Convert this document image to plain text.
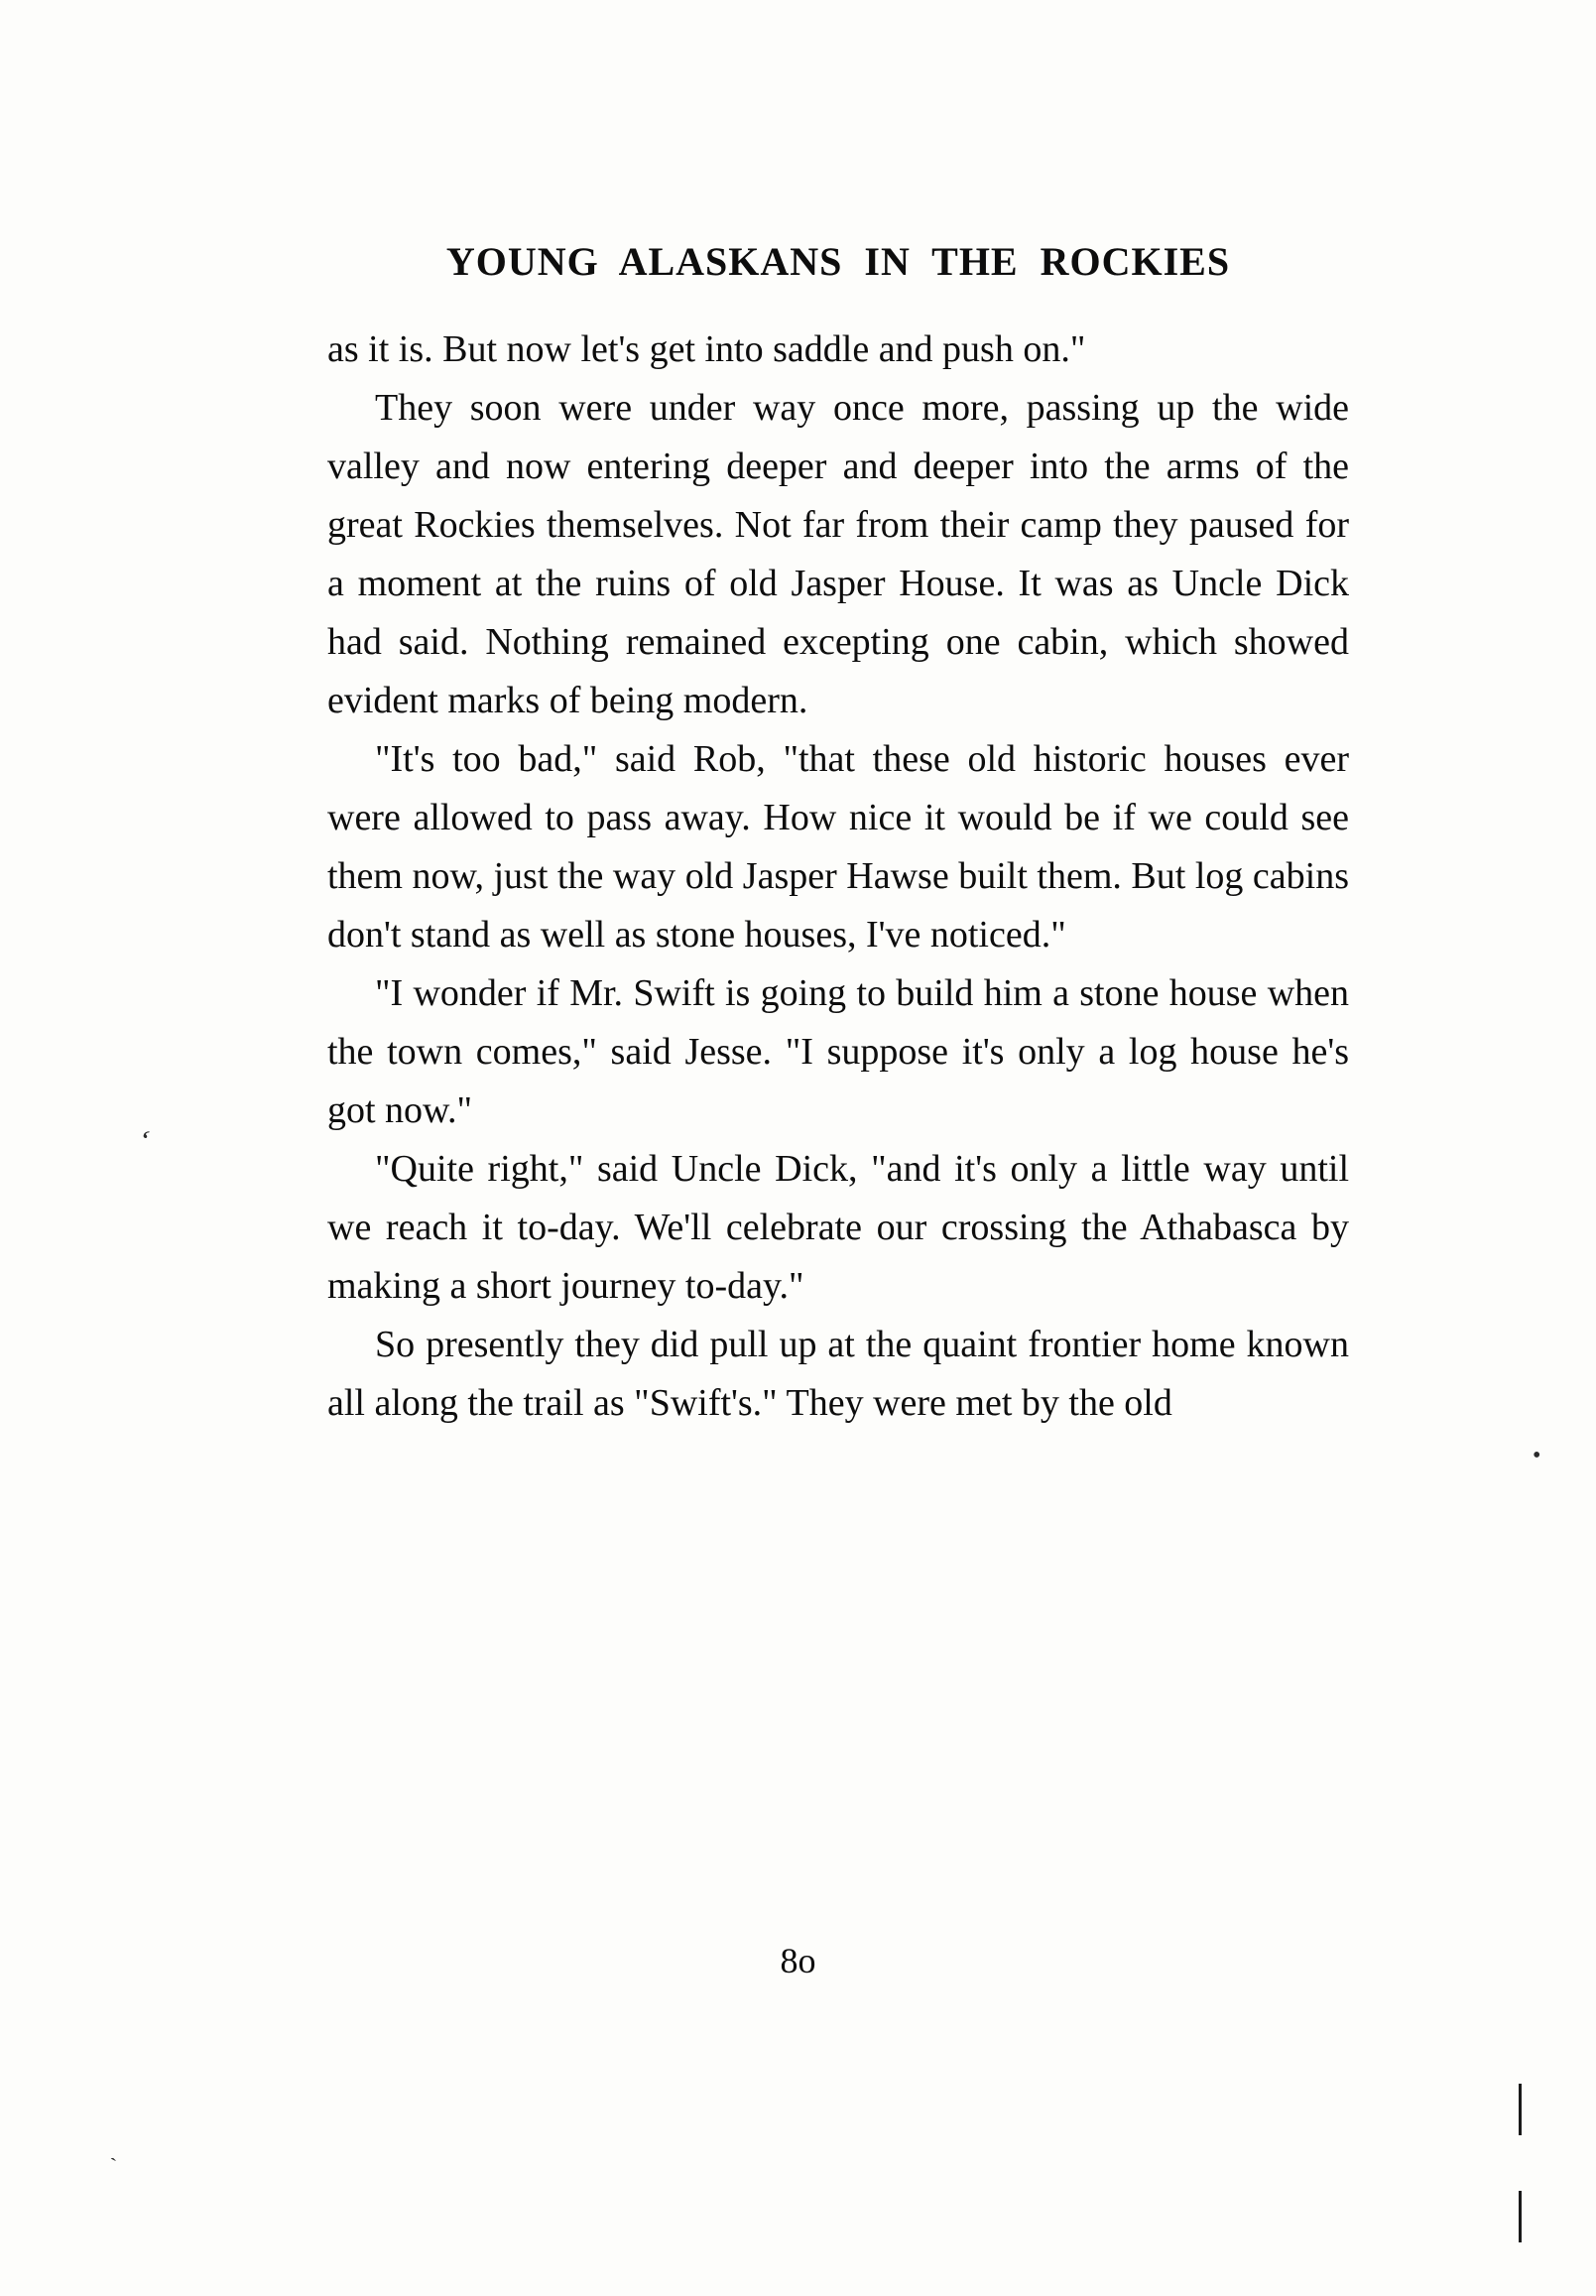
YOUNG  ALASKANS  IN  THE  ROCKIES

as it is. But now let's get into saddle and push on."

They soon were under way once more, passing up the wide valley and now entering deeper and deeper into the arms of the great Rockies themselves. Not far from their camp they paused for a moment at the ruins of old Jasper House. It was as Uncle Dick had said. Nothing remained excepting one cabin, which showed evident marks of being modern.

"It's too bad," said Rob, "that these old historic houses ever were allowed to pass away. How nice it would be if we could see them now, just the way old Jasper Hawse built them. But log cabins don't stand as well as stone houses, I've noticed."

"I wonder if Mr. Swift is going to build him a stone house when the town comes," said Jesse. "I suppose it's only a log house he's got now."

"Quite right," said Uncle Dick, "and it's only a little way until we reach it to-day. We'll celebrate our crossing the Athabasca by making a short journey to-day."

So presently they did pull up at the quaint frontier home known all along the trail as "Swift's." They were met by the old

8o
‘
•
ˋ
